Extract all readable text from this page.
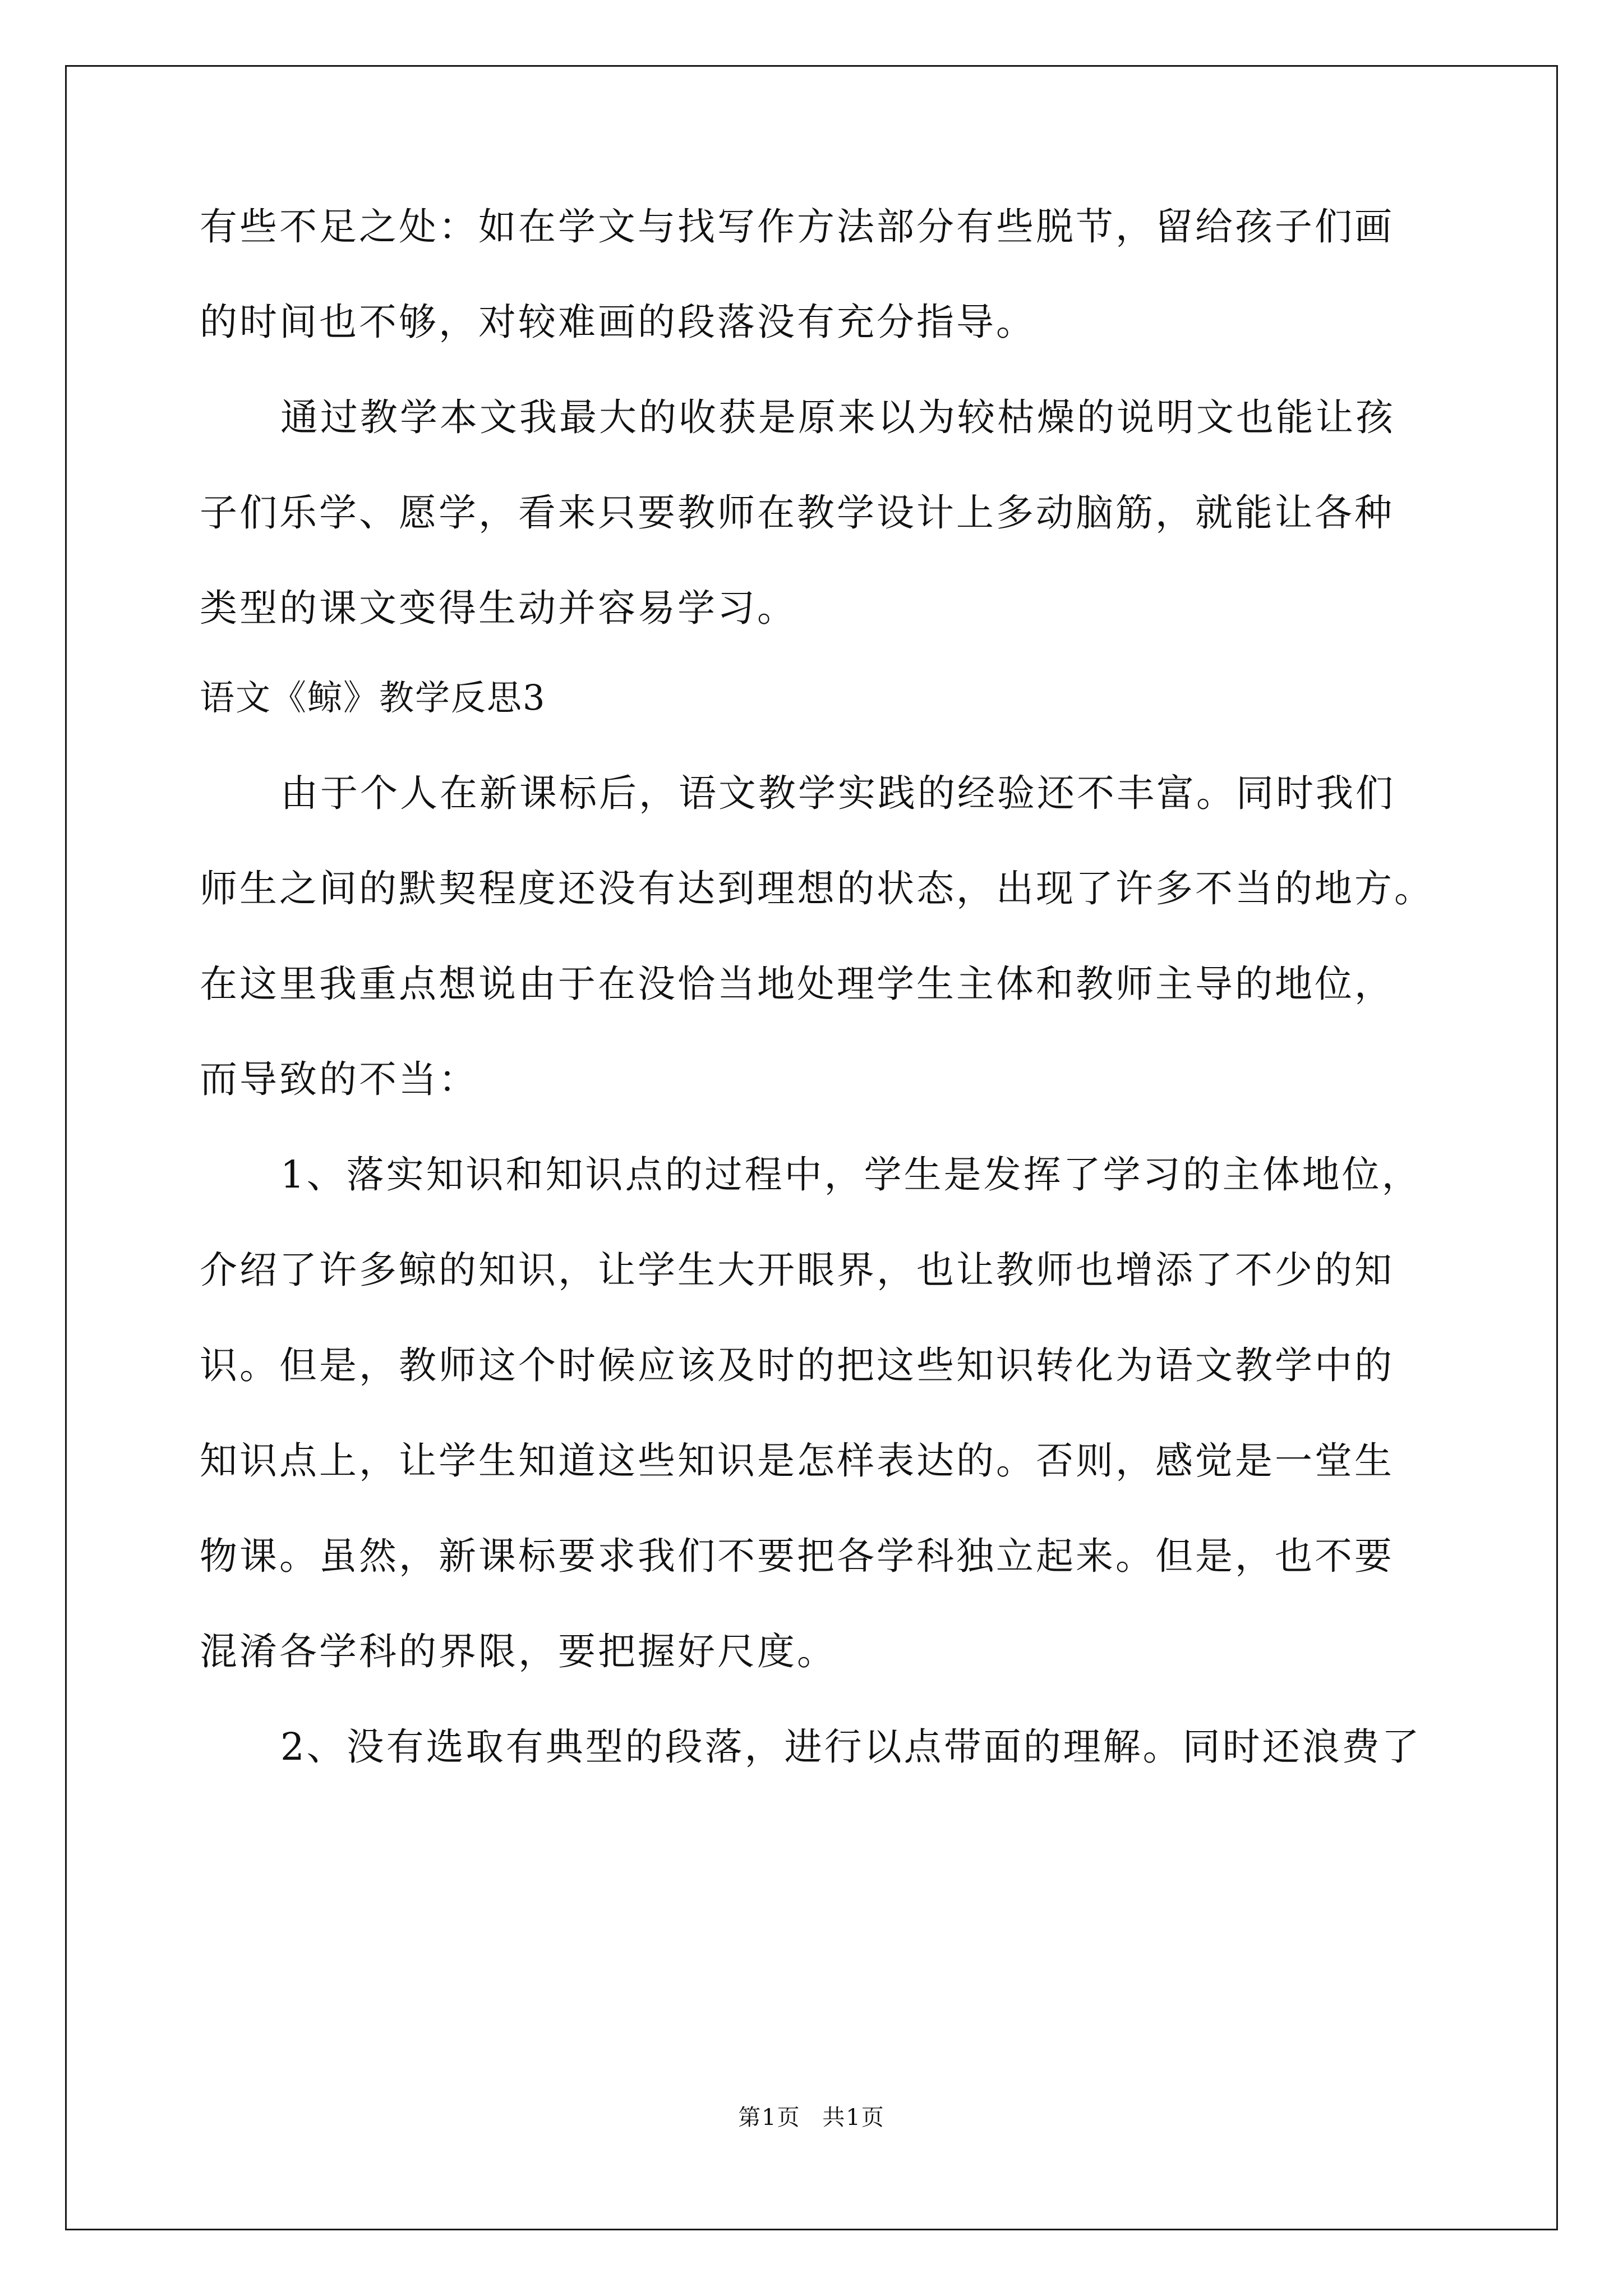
有些不足之处：如在学文与找写作方法部分有些脱节，留给孩子们画
的时间也不够，对较难画的段落没有充分指导。
通过教学本文我最大的收获是原来以为较枯燥的说明文也能让孩
子们乐学、愿学，看来只要教师在教学设计上多动脑筋，就能让各种
类型的课文变得生动并容易学习。
语文《鲸》教学反思3
由于个人在新课标后，语文教学实践的经验还不丰富。同时我们
师生之间的默契程度还没有达到理想的状态，出现了许多不当的地方。
在这里我重点想说由于在没恰当地处理学生主体和教师主导的地位，
而导致的不当：
1、落实知识和知识点的过程中，学生是发挥了学习的主体地位，
介绍了许多鲸的知识，让学生大开眼界，也让教师也增添了不少的知
识。但是，教师这个时候应该及时的把这些知识转化为语文教学中的
知识点上，让学生知道这些知识是怎样表达的。否则，感觉是一堂生
物课。虽然，新课标要求我们不要把各学科独立起来。但是，也不要
混淆各学科的界限，要把握好尺度。
2、没有选取有典型的段落，进行以点带面的理解。同时还浪费了
第1页 共1页
